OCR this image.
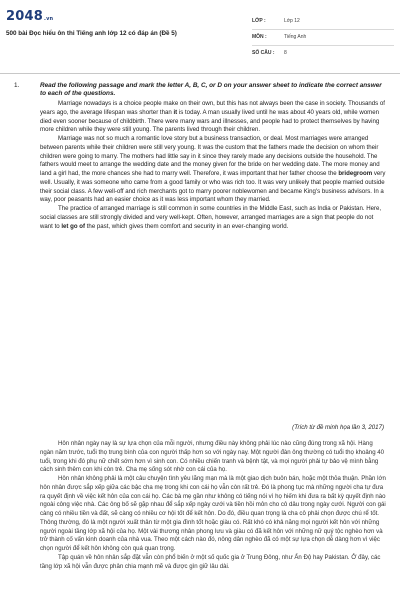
2048.vn
500 bài Đọc hiểu ôn thi Tiếng anh lớp 12 có đáp án (Đề 5)
LỚP :	Lớp 12
MÔN :	Tiếng Anh
SỐ CÂU : 8
1.	Read the following passage and mark the letter A, B, C, or D on your answer sheet to indicate the correct answer to each of the questions.

Marriage nowadays is a choice people make on their own, but this has not always been the case in society. Thousands of years ago, the average lifespan was shorter than it is today. A man usually lived until he was about 40 years old, while women died even sooner because of childbirth. There were many wars and illnesses, and people had to protect themselves by having more children while they were still young. The parents lived through their children.

Marriage was not so much a romantic love story but a business transaction, or deal. Most marriages were arranged between parents while their children were still very young. It was the custom that the fathers made the decision on whom their children were going to marry. The mothers had little say in it since they rarely made any decisions outside the household. The fathers would meet to arrange the wedding date and the money given for the bride on her wedding date. The more money and land a girl had, the more chances she had to marry well. Therefore, it was important that her father choose the bridegroom very well. Usually, it was someone who came from a good family or who was rich too. It was very unlikely that people married outside their social class. A few well-off and rich merchants got to marry poorer noblewomen and became King's business advisors. In a way, poor peasants had an easier choice as it was less important whom they married.

The practice of arranged marriage is still common in some countries in the Middle East, such as India or Pakistan. Here, social classes are still strongly divided and very well-kept. Often, however, arranged marriages are a sign that people do not want to let go of the past, which gives them comfort and security in an ever-changing world.

(Trích từ đề minh họa lần 3, 2017)

Hôn nhân ngày nay là sự lựa chọn của mỗi người, nhưng điều này không phải lúc nào cũng đúng trong xã hội. Hàng ngàn năm trước, tuổi thọ trung bình của con người thấp hơn so với ngày nay. Một người đàn ông thường có tuổi thọ khoảng 40 tuổi, trong khi đó phụ nữ chết sớm hơn vì sinh con. Có nhiều chiến tranh và bệnh tật, và mọi người phải tự bảo vệ mình bằng cách sinh thêm con khi còn trẻ. Cha mẹ sống sót nhờ con cái của họ.

Hôn nhân không phải là một câu chuyện tình yêu lãng mạn mà là một giao dịch buôn bán, hoặc một thỏa thuận. Phần lớn hôn nhân được sắp xếp giữa các bậc cha mẹ trong khi con cái họ vẫn còn rất trẻ. Đó là phong tục mà những người cha tự đưa ra quyết định về việc kết hôn của con cái họ. Các bà mẹ gần như không có tiếng nói vì họ hiếm khi đưa ra bất kỳ quyết định nào ngoài công việc nhà. Các ông bố sẽ gặp nhau để sắp xếp ngày cưới và tiền hồi môn cho cô dâu trong ngày cưới. Người con gái càng có nhiều tiền và đất, sẽ càng có nhiều cơ hội tốt để kết hôn. Do đó, điều quan trọng là cha cô phải chọn được chú rể tốt. Thông thường, đó là một người xuất thân từ một gia đình tốt hoặc giàu có. Rất khó có khả năng mọi người kết hôn với những người ngoài tầng lớp xã hội của họ. Một vài thương nhân phong lưu và giàu có đã kết hôn với những nữ quý tộc nghèo hơn và trở thành cố vấn kinh doanh của nhà vua. Theo một cách nào đó, nông dân nghèo đã có một sự lựa chọn dễ dàng hơn vì việc chọn người để kết hôn không còn quá quan trọng.

Tập quán về hôn nhân sắp đặt vẫn còn phổ biến ở một số quốc gia ở Trung Đông, như Ấn Độ hay Pakistan. Ở đây, các tầng lớp xã hội vẫn được phân chia mạnh mẽ và được gìn giữ lâu dài.
